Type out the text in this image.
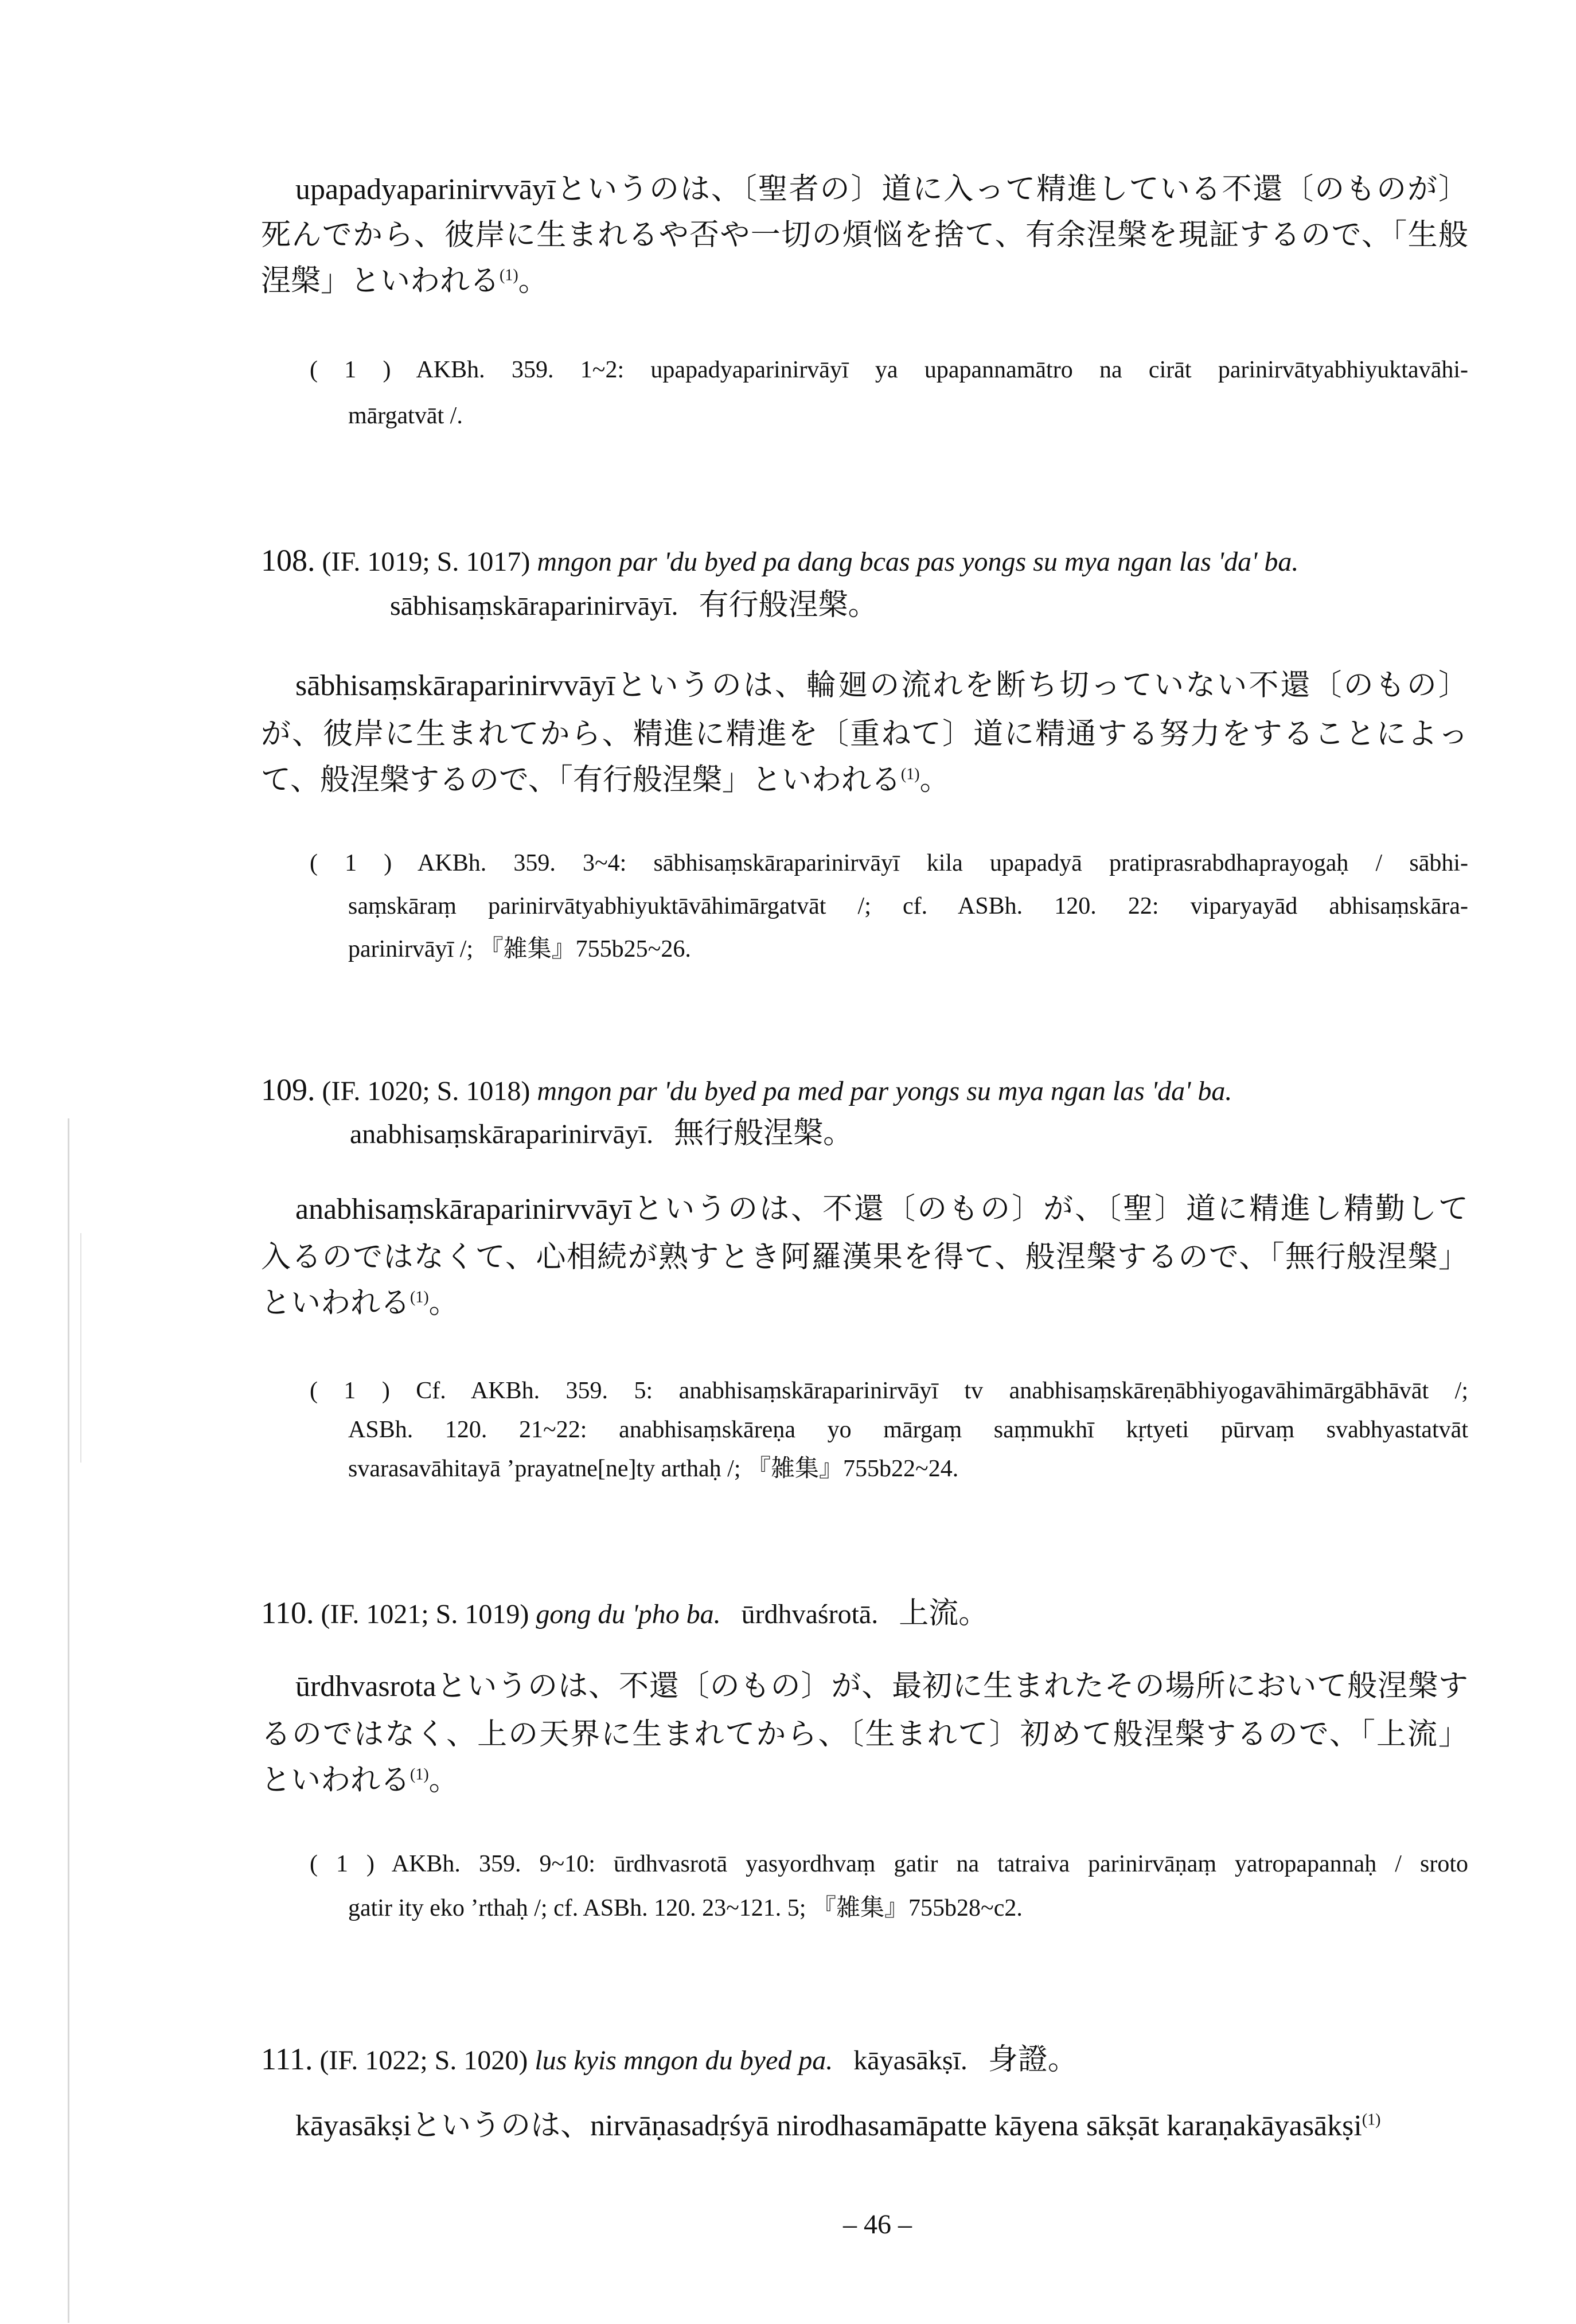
upapadyaparinirvvāyīというのは、〔聖者の〕道に入って精進している不還〔のものが〕
死んでから、彼岸に生まれるや否や一切の煩悩を捨て、有余涅槃を現証するので、「生般
涅槃」といわれる$^{(1)}$。
( 1 ) AKBh. 359. 1~2: upapadyaparinirvāyī ya upapannamātro na cirāt parinirvātyabhiyuktavāhi-
mārgatvāt /.
108. (IF. 1019; S. 1017) mngon par 'du byed pa dang bcas pas yongs su mya ngan las 'da' ba.
sābhisaṃskāraparinirvāyī. 有行般涅槃。
sābhisaṃskāraparinirvvāyīというのは、輪廻の流れを断ち切っていない不還〔のもの〕
が、彼岸に生まれてから、精進に精進を〔重ねて〕道に精通する努力をすることによっ
て、般涅槃するので、「有行般涅槃」といわれる$^{(1)}$。
( 1 ) AKBh. 359. 3~4: sābhisaṃskāraparinirvāyī kila upapadyā pratiprasrabdhaprayogaḥ / sābhi-
saṃskāraṃ parinirvātyabhiyuktāvāhimārgatvāt /; cf. ASBh. 120. 22: viparyayād abhisaṃskāra-
parinirvāyī /; 『雑集』755b25~26.
109. (IF. 1020; S. 1018) mngon par 'du byed pa med par yongs su mya ngan las 'da' ba.
anabhisaṃskāraparinirvāyī. 無行般涅槃。
anabhisaṃskāraparinirvvāyīというのは、不還〔のもの〕が、〔聖〕道に精進し精勤して
入るのではなくて、心相続が熟すとき阿羅漢果を得て、般涅槃するので、「無行般涅槃」
といわれる$^{(1)}$。
( 1 ) Cf. AKBh. 359. 5: anabhisaṃskāraparinirvāyī tv anabhisaṃskāreṇābhiyogavāhimārgābhāvāt /;
ASBh. 120. 21~22: anabhisaṃskāreṇa yo mārgaṃ saṃmukhī kṛtyeti pūrvaṃ svabhyastatvāt
svarasavāhitayā ’prayatne[ne]ty arthaḥ /; 『雑集』755b22~24.
110. (IF. 1021; S. 1019) gong du 'pho ba. ūrdhvaśrotā. 上流。
ūrdhvasrotaというのは、不還〔のもの〕が、最初に生まれたその場所において般涅槃す
るのではなく、上の天界に生まれてから、〔生まれて〕初めて般涅槃するので、「上流」
といわれる$^{(1)}$。
( 1 ) AKBh. 359. 9~10: ūrdhvasrotā yasyordhvaṃ gatir na tatraiva parinirvāṇaṃ yatropapannaḥ / sroto
gatir ity eko ’rthaḥ /; cf. ASBh. 120. 23~121. 5; 『雑集』755b28~c2.
111. (IF. 1022; S. 1020) lus kyis mngon du byed pa. kāyasākṣī. 身證。
kāyasākṣiというのは、nirvāṇasadṛśyā nirodhasamāpatte kāyena sākṣāt karaṇakāyasākṣi$^{(1)}$
– 46 –
